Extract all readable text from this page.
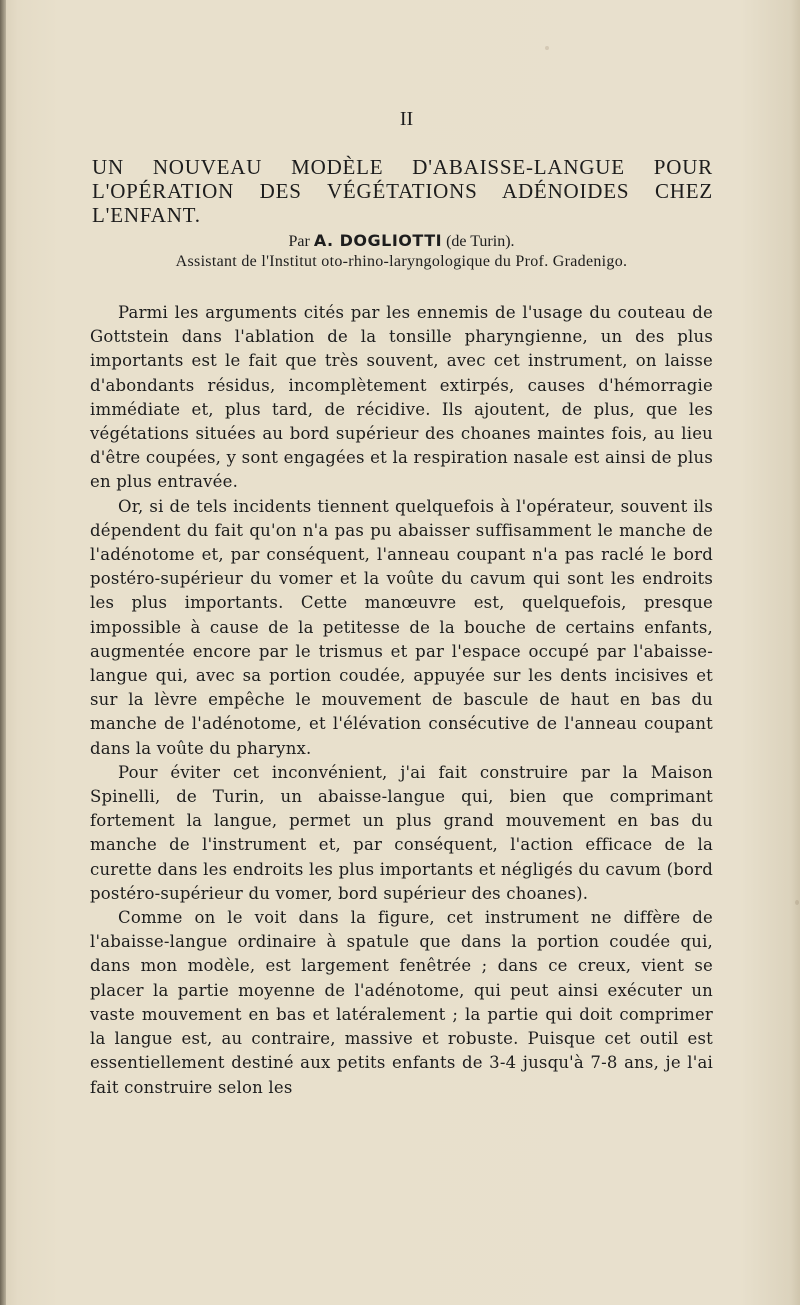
II
UN NOUVEAU MODÈLE D'ABAISSE-LANGUE POUR
L'OPÉRATION DES VÉGÉTATIONS ADÉNOIDES CHEZ
L'ENFANT.
Par A. DOGLIOTTI (de Turin).
Assistant de l'Institut oto-rhino-laryngologique du Prof. Gradenigo.

Parmi les arguments cités par les ennemis de l'usage du couteau de Gottstein dans l'ablation de la tonsille pharyngienne, un des plus importants est le fait que très souvent, avec cet instrument, on laisse d'abondants résidus, incomplètement extirpés, causes d'hémorragie immédiate et, plus tard, de récidive. Ils ajoutent, de plus, que les végétations situées au bord supérieur des choanes maintes fois, au lieu d'être coupées, y sont engagées et la respiration nasale est ainsi de plus en plus entravée.

Or, si de tels incidents tiennent quelquefois à l'opérateur, souvent ils dépendent du fait qu'on n'a pas pu abaisser suffisamment le manche de l'adénotome et, par conséquent, l'anneau coupant n'a pas raclé le bord postéro-supérieur du vomer et la voûte du cavum qui sont les endroits les plus importants. Cette manœuvre est, quelquefois, presque impossible à cause de la petitesse de la bouche de certains enfants, augmentée encore par le trismus et par l'espace occupé par l'abaisse-langue qui, avec sa portion coudée, appuyée sur les dents incisives et sur la lèvre empêche le mouvement de bascule de haut en bas du manche de l'adénotome, et l'élévation consécutive de l'anneau coupant dans la voûte du pharynx.

Pour éviter cet inconvénient, j'ai fait construire par la Maison Spinelli, de Turin, un abaisse-langue qui, bien que comprimant fortement la langue, permet un plus grand mouvement en bas du manche de l'instrument et, par conséquent, l'action efficace de la curette dans les endroits les plus importants et négligés du cavum (bord postéro-supérieur du vomer, bord supérieur des choanes).

Comme on le voit dans la figure, cet instrument ne diffère de l'abaisse-langue ordinaire à spatule que dans la portion coudée qui, dans mon modèle, est largement fenêtrée ; dans ce creux, vient se placer la partie moyenne de l'adénotome, qui peut ainsi exécuter un vaste mouvement en bas et latéralement ; la partie qui doit comprimer la langue est, au contraire, massive et robuste. Puisque cet outil est essentiellement destiné aux petits enfants de 3-4 jusqu'à 7-8 ans, je l'ai fait construire selon les
